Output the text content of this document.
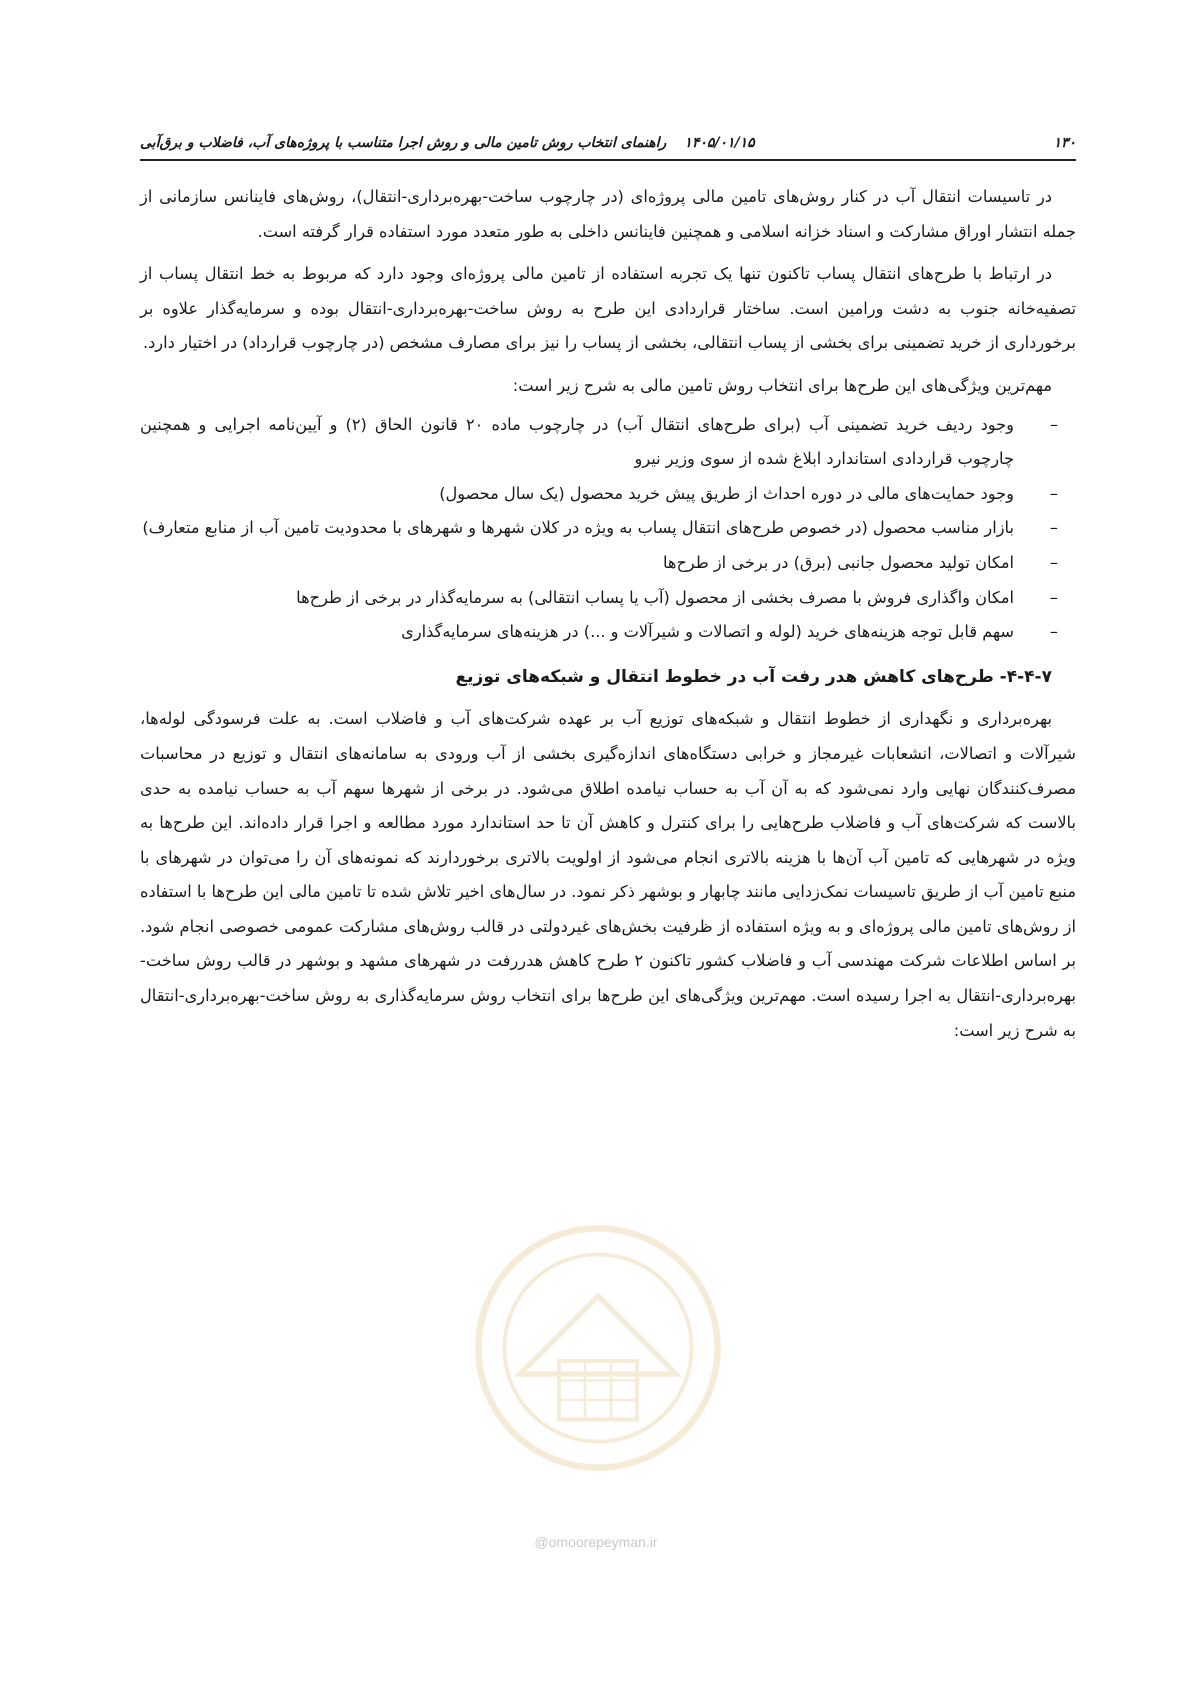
۱۳۰
۱۴۰۵/۰۱/۱۵
راهنمای انتخاب روش تامین مالی و روش اجرا متناسب با پروژه‌های آب، فاضلاب و برق‌آبی

در تاسیسات انتقال آب در کنار روش‌های تامین مالی پروژه‌ای (در چارچوب ساخت-بهره‌برداری-انتقال)، روش‌های فاینانس سازمانی از جمله انتشار اوراق مشارکت و اسناد خزانه اسلامی و همچنین فاینانس داخلی به طور متعدد مورد استفاده قرار گرفته است.

در ارتباط با طرح‌های انتقال پساب تاکنون تنها یک تجربه استفاده از تامین مالی پروژه‌ای وجود دارد که مربوط به خط انتقال پساب از تصفیه‌خانه جنوب به دشت ورامین است. ساختار قراردادی این طرح به روش ساخت-بهره‌برداری-انتقال بوده و سرمایه‌گذار علاوه بر برخورداری از خرید تضمینی برای بخشی از پساب انتقالی، بخشی از پساب را نیز برای مصارف مشخص (در چارچوب قرارداد) در اختیار دارد.

مهم‌ترین ویژگی‌های این طرح‌ها برای انتخاب روش تامین مالی به شرح زیر است:

–
وجود ردیف خرید تضمینی آب (برای طرح‌های انتقال آب) در چارچوب ماده ۲۰ قانون الحاق (۲) و آیین‌نامه اجرایی و همچنین چارچوب قراردادی استاندارد ابلاغ شده از سوی وزیر نیرو
–
وجود حمایت‌های مالی در دوره احداث از طریق پیش خرید محصول (یک سال محصول)
–
بازار مناسب محصول (در خصوص طرح‌های انتقال پساب به ویژه در کلان شهرها و شهرهای با محدودیت تامین آب از منابع متعارف)
–
امکان تولید محصول جانبی (برق) در برخی از طرح‌ها
–
امکان واگذاری فروش با مصرف بخشی از محصول (آب یا پساب انتقالی) به سرمایه‌گذار در برخی از طرح‌ها
–
سهم قابل توجه هزینه‌های خرید (لوله و اتصالات و شیرآلات و ...) در هزینه‌های سرمایه‌گذاری

۴-۴-۷- طرح‌های کاهش هدر رفت آب در خطوط انتقال و شبکه‌های توزیع

بهره‌برداری و نگهداری از خطوط انتقال و شبکه‌های توزیع آب بر عهده شرکت‌های آب و فاضلاب است. به علت فرسودگی لوله‌ها، شیرآلات و اتصالات، انشعابات غیرمجاز و خرابی دستگاه‌های اندازه‌گیری بخشی از آب ورودی به سامانه‌های انتقال و توزیع در محاسبات مصرف‌کنندگان نهایی وارد نمی‌شود که به آن آب به حساب نیامده اطلاق می‌شود. در برخی از شهرها سهم آب به حساب نیامده به حدی بالاست که شرکت‌های آب و فاضلاب طرح‌هایی را برای کنترل و کاهش آن تا حد استاندارد مورد مطالعه و اجرا قرار داده‌اند. این طرح‌ها به ویژه در شهرهایی که تامین آب آن‌ها با هزینه بالاتری انجام می‌شود از اولویت بالاتری برخوردارند که نمونه‌های آن را می‌توان در شهرهای با منبع تامین آب از طریق تاسیسات نمک‌زدایی مانند چابهار و بوشهر ذکر نمود. در سال‌های اخیر تلاش شده تا تامین مالی این طرح‌ها با استفاده از روش‌های تامین مالی پروژه‌ای و به ویژه استفاده از ظرفیت بخش‌های غیردولتی در قالب روش‌های مشارکت عمومی خصوصی انجام شود. بر اساس اطلاعات شرکت مهندسی آب و فاضلاب کشور تاکنون ۲ طرح کاهش هدررفت در شهرهای مشهد و بوشهر در قالب روش ساخت-بهره‌برداری-انتقال به اجرا رسیده است. مهم‌ترین ویژگی‌های این طرح‌ها برای انتخاب روش سرمایه‌گذاری به روش ساخت-بهره‌برداری-انتقال به شرح زیر است:

@omoorepeyman.ir
